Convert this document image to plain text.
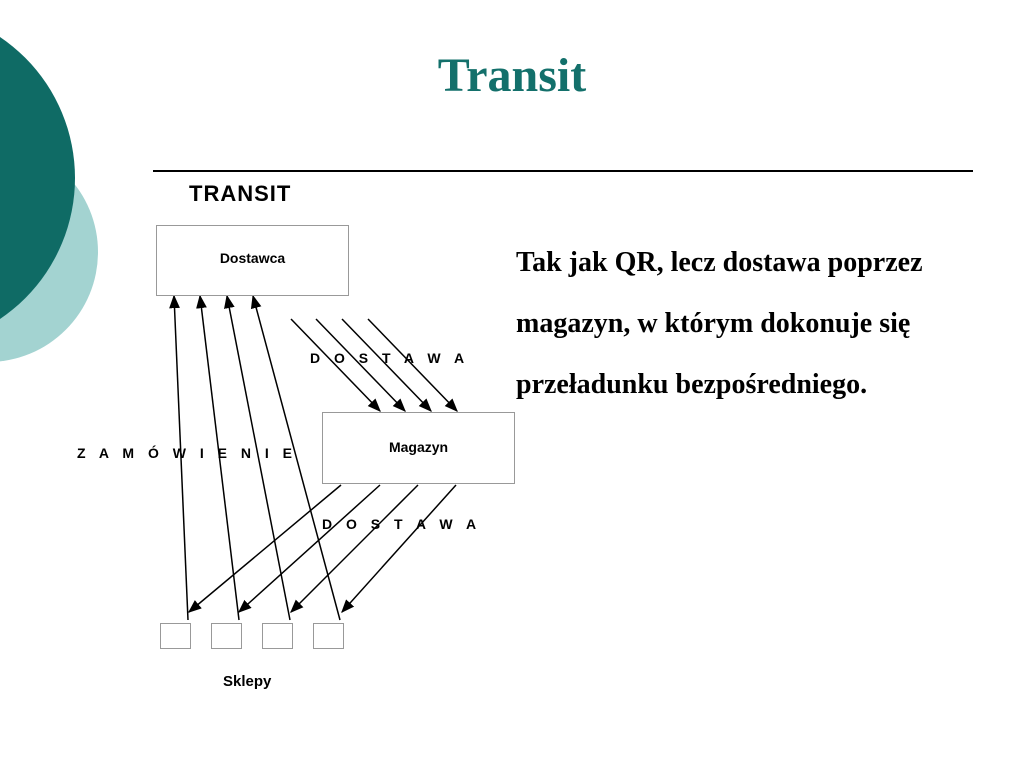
Transit
TRANSIT
Dostawca
Magazyn
D O S T A W A
Z A M Ó W I E N I E
D O S T A W A
Sklepy

Tak jak QR, lecz dostawa poprzez

magazyn, w którym dokonuje się

przeładunku bezpośredniego.
